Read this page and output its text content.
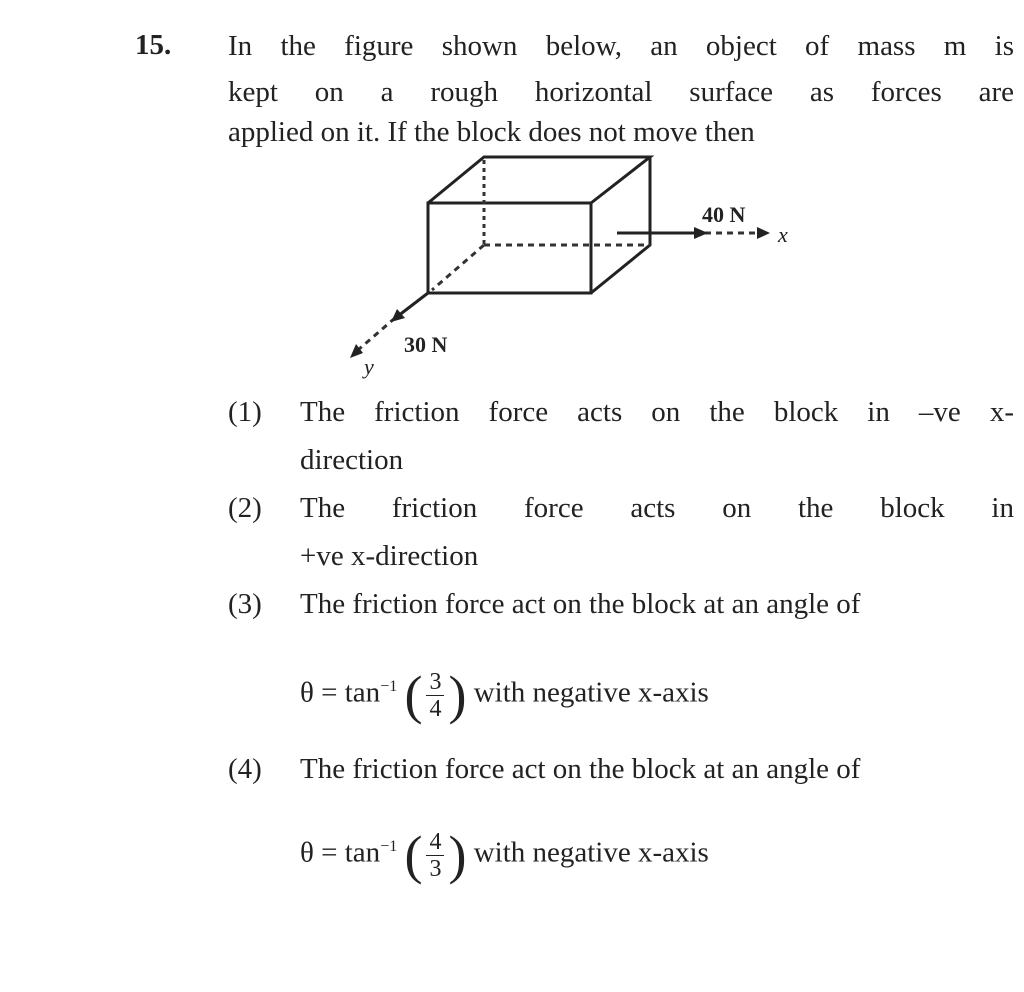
15. In the figure shown below, an object of mass m is
kept on a rough horizontal surface as forces are
applied on it. If the block does not move then
40 N
x
30 N
y
(1) The friction force acts on the block in –ve x-
direction
(2) The friction force acts on the block in
+ve x-direction
(3) The friction force act on the block at an angle of
$\theta = \tan^{-1}$ ( $\frac{3}{4}$ ) with negative x-axis
(4) The friction force act on the block at an angle of
$\theta = \tan^{-1}$ ( $\frac{4}{3}$ ) with negative x-axis
